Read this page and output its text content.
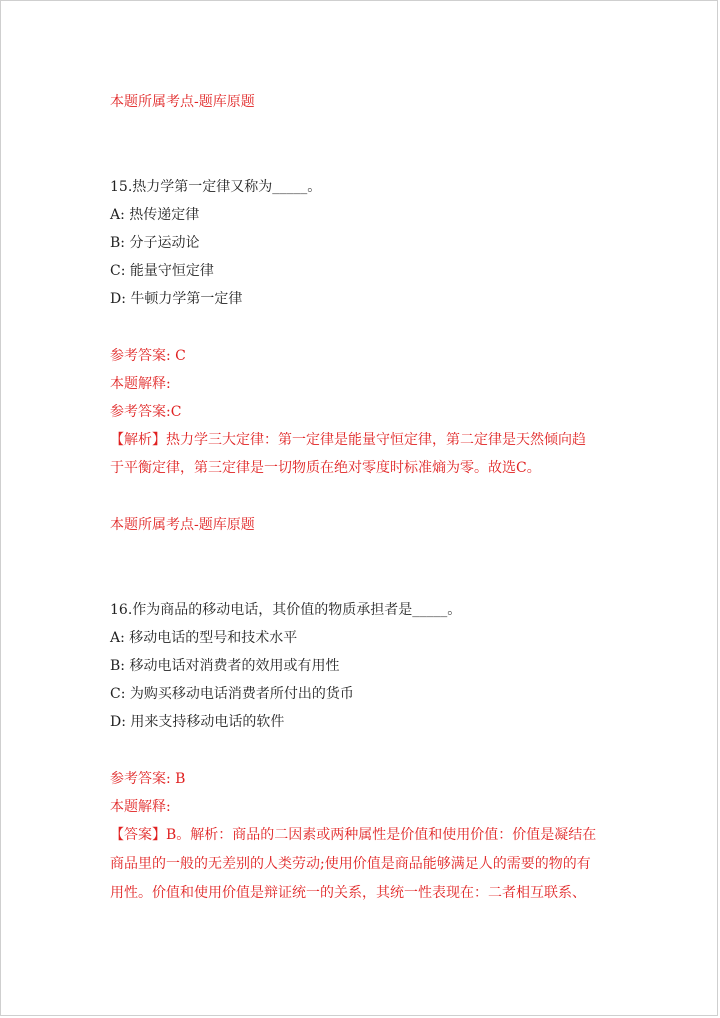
本题所属考点-题库原题
15.热力学第一定律又称为_____。
A: 热传递定律
B: 分子运动论
C: 能量守恒定律
D: 牛顿力学第一定律
参考答案: C
本题解释:
参考答案:C
【解析】热力学三大定律：第一定律是能量守恒定律，第二定律是天然倾向趋
于平衡定律，第三定律是一切物质在绝对零度时标准熵为零。故选C。
本题所属考点-题库原题
16.作为商品的移动电话，其价值的物质承担者是_____。
A: 移动电话的型号和技术水平
B: 移动电话对消费者的效用或有用性
C: 为购买移动电话消费者所付出的货币
D: 用来支持移动电话的软件
参考答案: B
本题解释:
【答案】B。解析：商品的二因素或两种属性是价值和使用价值：价值是凝结在
商品里的一般的无差别的人类劳动;使用价值是商品能够满足人的需要的物的有
用性。价值和使用价值是辩证统一的关系，其统一性表现在：二者相互联系、
